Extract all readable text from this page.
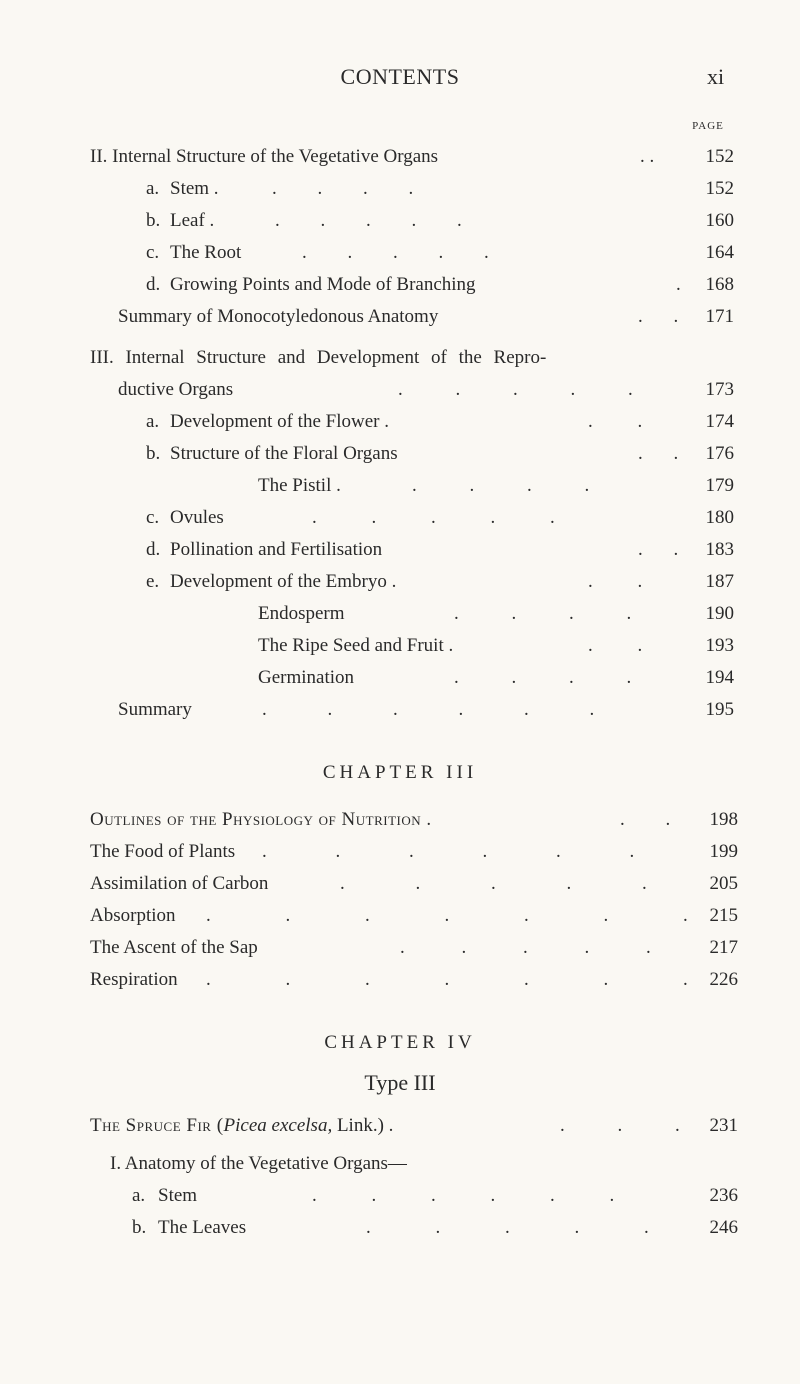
CONTENTS	xi
PAGE
II. Internal Structure of the Vegetative Organs	. .	152
a. Stem .	. . . .	152
b. Leaf .	. . . . .	160
c. The Root	. . . . .	164
d. Growing Points and Mode of Branching	.	168
Summary of Monocotyledonous Anatomy	. .	171
III. Internal Structure and Development of the Repro-
ductive Organs	. . . . .	173
a. Development of the Flower .	. .	174
b. Structure of the Floral Organs	. .	176
The Pistil .	. . . .	179
c. Ovules	. . . . .	180
d. Pollination and Fertilisation	. .	183
e. Development of the Embryo .	. .	187
Endosperm	. . . .	190
The Ripe Seed and Fruit .	. .	193
Germination	. . . .	194
Summary	. . . . . .	195
CHAPTER III
Outlines of the Physiology of Nutrition .	. .	198
The Food of Plants . . . . . .	199
Assimilation of Carbon	. . . . .	205
Absorption . . . . . . .	215
The Ascent of the Sap	. . . . .	217
Respiration . . . . . . .	226
CHAPTER IV
Type III
The Spruce Fir (Picea excelsa, Link.) .	. . .	231
I. Anatomy of the Vegetative Organs—
a. Stem	. . . . . .	236
b. The Leaves	. . . . .	246
